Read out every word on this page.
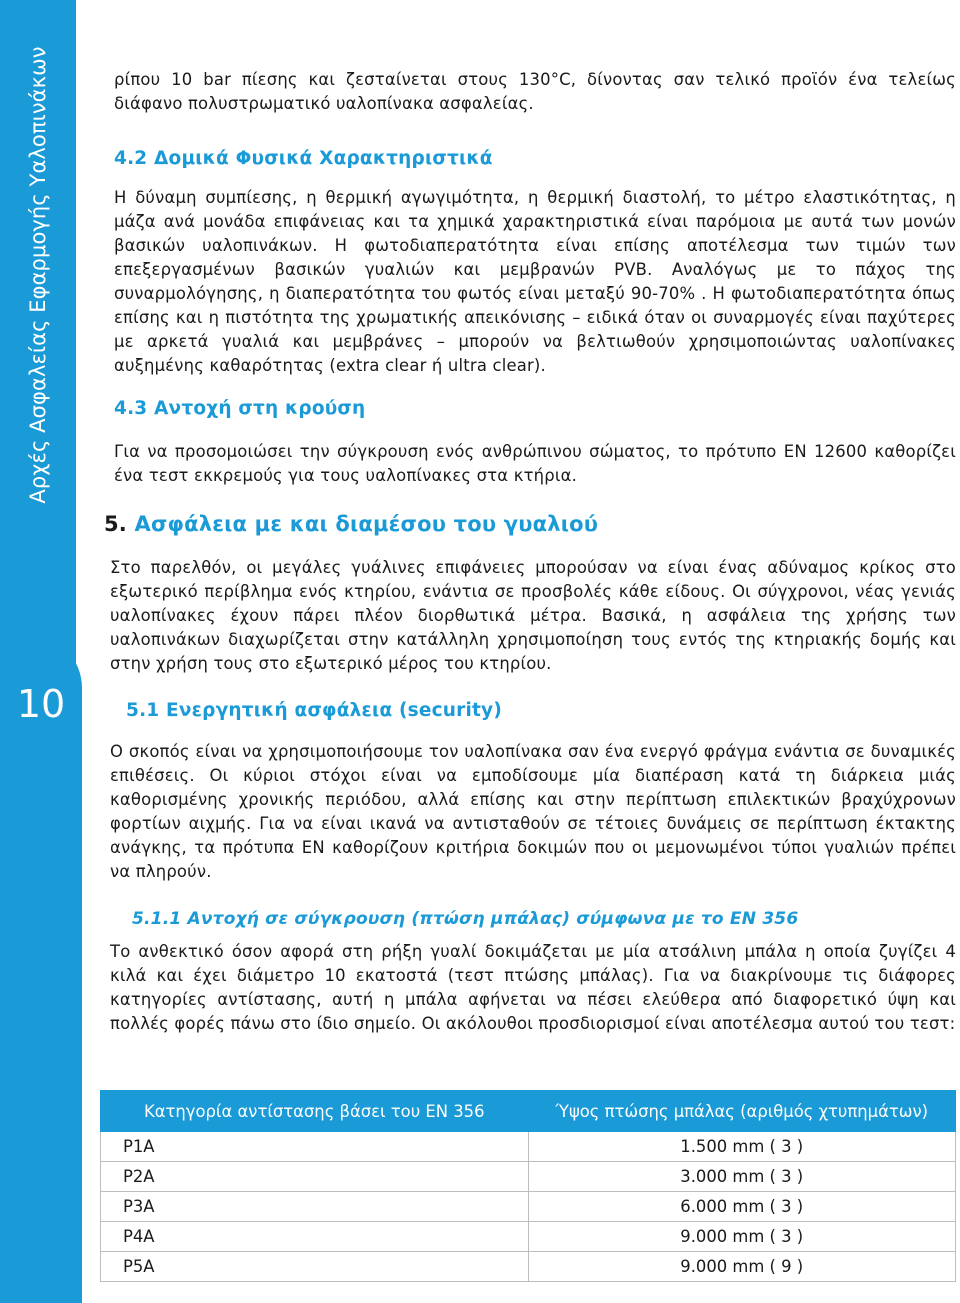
Αρχές Ασφαλείας Εφαρμογής Υαλοπινάκων
10

ρίπου 10 bar πίεσης και ζεσταίνεται στους 130°C, δίνοντας σαν τελικό προϊόν ένα τελείως διάφανο πολυστρωματικό υαλοπίνακα ασφαλείας.

4.2 Δομικά Φυσικά Χαρακτηριστικά

Η δύναμη συμπίεσης, η θερμική αγωγιμότητα, η θερμική διαστολή, το μέτρο ελαστικότητας, η μάζα ανά μονάδα επιφάνειας και τα χημικά χαρακτηριστικά είναι παρόμοια με αυτά των μονών βασικών υαλοπινάκων. Η φωτοδιαπερατότητα είναι επίσης αποτέλεσμα των τιμών των επεξεργασμένων βασικών γυαλιών και μεμβρανών PVB. Αναλόγως με το πάχος της συναρμολόγησης, η διαπερατότητα του φωτός είναι μεταξύ 90-70% . Η φωτοδιαπερατότητα όπως επίσης και η πιστότητα της χρωματικής απεικόνισης – ειδικά όταν οι συναρμογές είναι παχύτερες με αρκετά γυαλιά και μεμβράνες – μπορούν να βελτιωθούν χρησιμοποιώντας υαλοπίνακες αυξημένης καθαρότητας (extra clear ή ultra clear).

4.3 Αντοχή στη κρούση

Για να προσομοιώσει την σύγκρουση ενός ανθρώπινου σώματος, το πρότυπο ΕΝ 12600 καθορίζει ένα τεστ εκκρεμούς για τους υαλοπίνακες στα κτήρια.

5. Ασφάλεια με και διαμέσου του γυαλιού

Στο παρελθόν, οι μεγάλες γυάλινες επιφάνειες μπορούσαν να είναι ένας αδύναμος κρίκος στο εξωτερικό περίβλημα ενός κτηρίου, ενάντια σε προσβολές κάθε είδους. Οι σύγχρονοι, νέας γενιάς υαλοπίνακες έχουν πάρει πλέον διορθωτικά μέτρα. Βασικά, η ασφάλεια της χρήσης των υαλοπινάκων διαχωρίζεται στην κατάλληλη χρησιμοποίηση τους εντός της κτηριακής δομής και στην χρήση τους στο εξωτερικό μέρος του κτηρίου.

5.1 Ενεργητική ασφάλεια (security)

Ο σκοπός είναι να χρησιμοποιήσουμε τον υαλοπίνακα σαν ένα ενεργό φράγμα ενάντια σε δυναμικές επιθέσεις. Οι κύριοι στόχοι είναι να εμποδίσουμε μία διαπέραση κατά τη διάρκεια μιάς καθορισμένης χρονικής περιόδου, αλλά επίσης και στην περίπτωση επιλεκτικών βραχύχρονων φορτίων αιχμής. Για να είναι ικανά να αντισταθούν σε τέτοιες δυνάμεις σε περίπτωση έκτακτης ανάγκης, τα πρότυπα ΕΝ καθορίζουν κριτήρια δοκιμών που οι μεμονωμένοι τύποι γυαλιών πρέπει να πληρούν.

5.1.1 Αντοχή σε σύγκρουση (πτώση μπάλας) σύμφωνα με το ΕΝ 356

Το ανθεκτικό όσον αφορά στη ρήξη γυαλί δοκιμάζεται με μία ατσάλινη μπάλα η οποία ζυγίζει 4 κιλά και έχει διάμετρο 10 εκατοστά (τεστ πτώσης μπάλας). Για να διακρίνουμε τις διάφορες κατηγορίες αντίστασης, αυτή η μπάλα αφήνεται να πέσει ελεύθερα από διαφορετικό ύψη και πολλές φορές πάνω στο ίδιο σημείο. Οι ακόλουθοι προσδιορισμοί είναι αποτέλεσμα αυτού του τεστ:

Κατηγορία αντίστασης βάσει του ΕΝ 356	Ύψος πτώσης μπάλας (αριθμός χτυπημάτων)
P1A	1.500 mm ( 3 )
P2A	3.000 mm ( 3 )
P3A	6.000 mm ( 3 )
P4A	9.000 mm ( 3 )
P5A	9.000 mm ( 9 )
